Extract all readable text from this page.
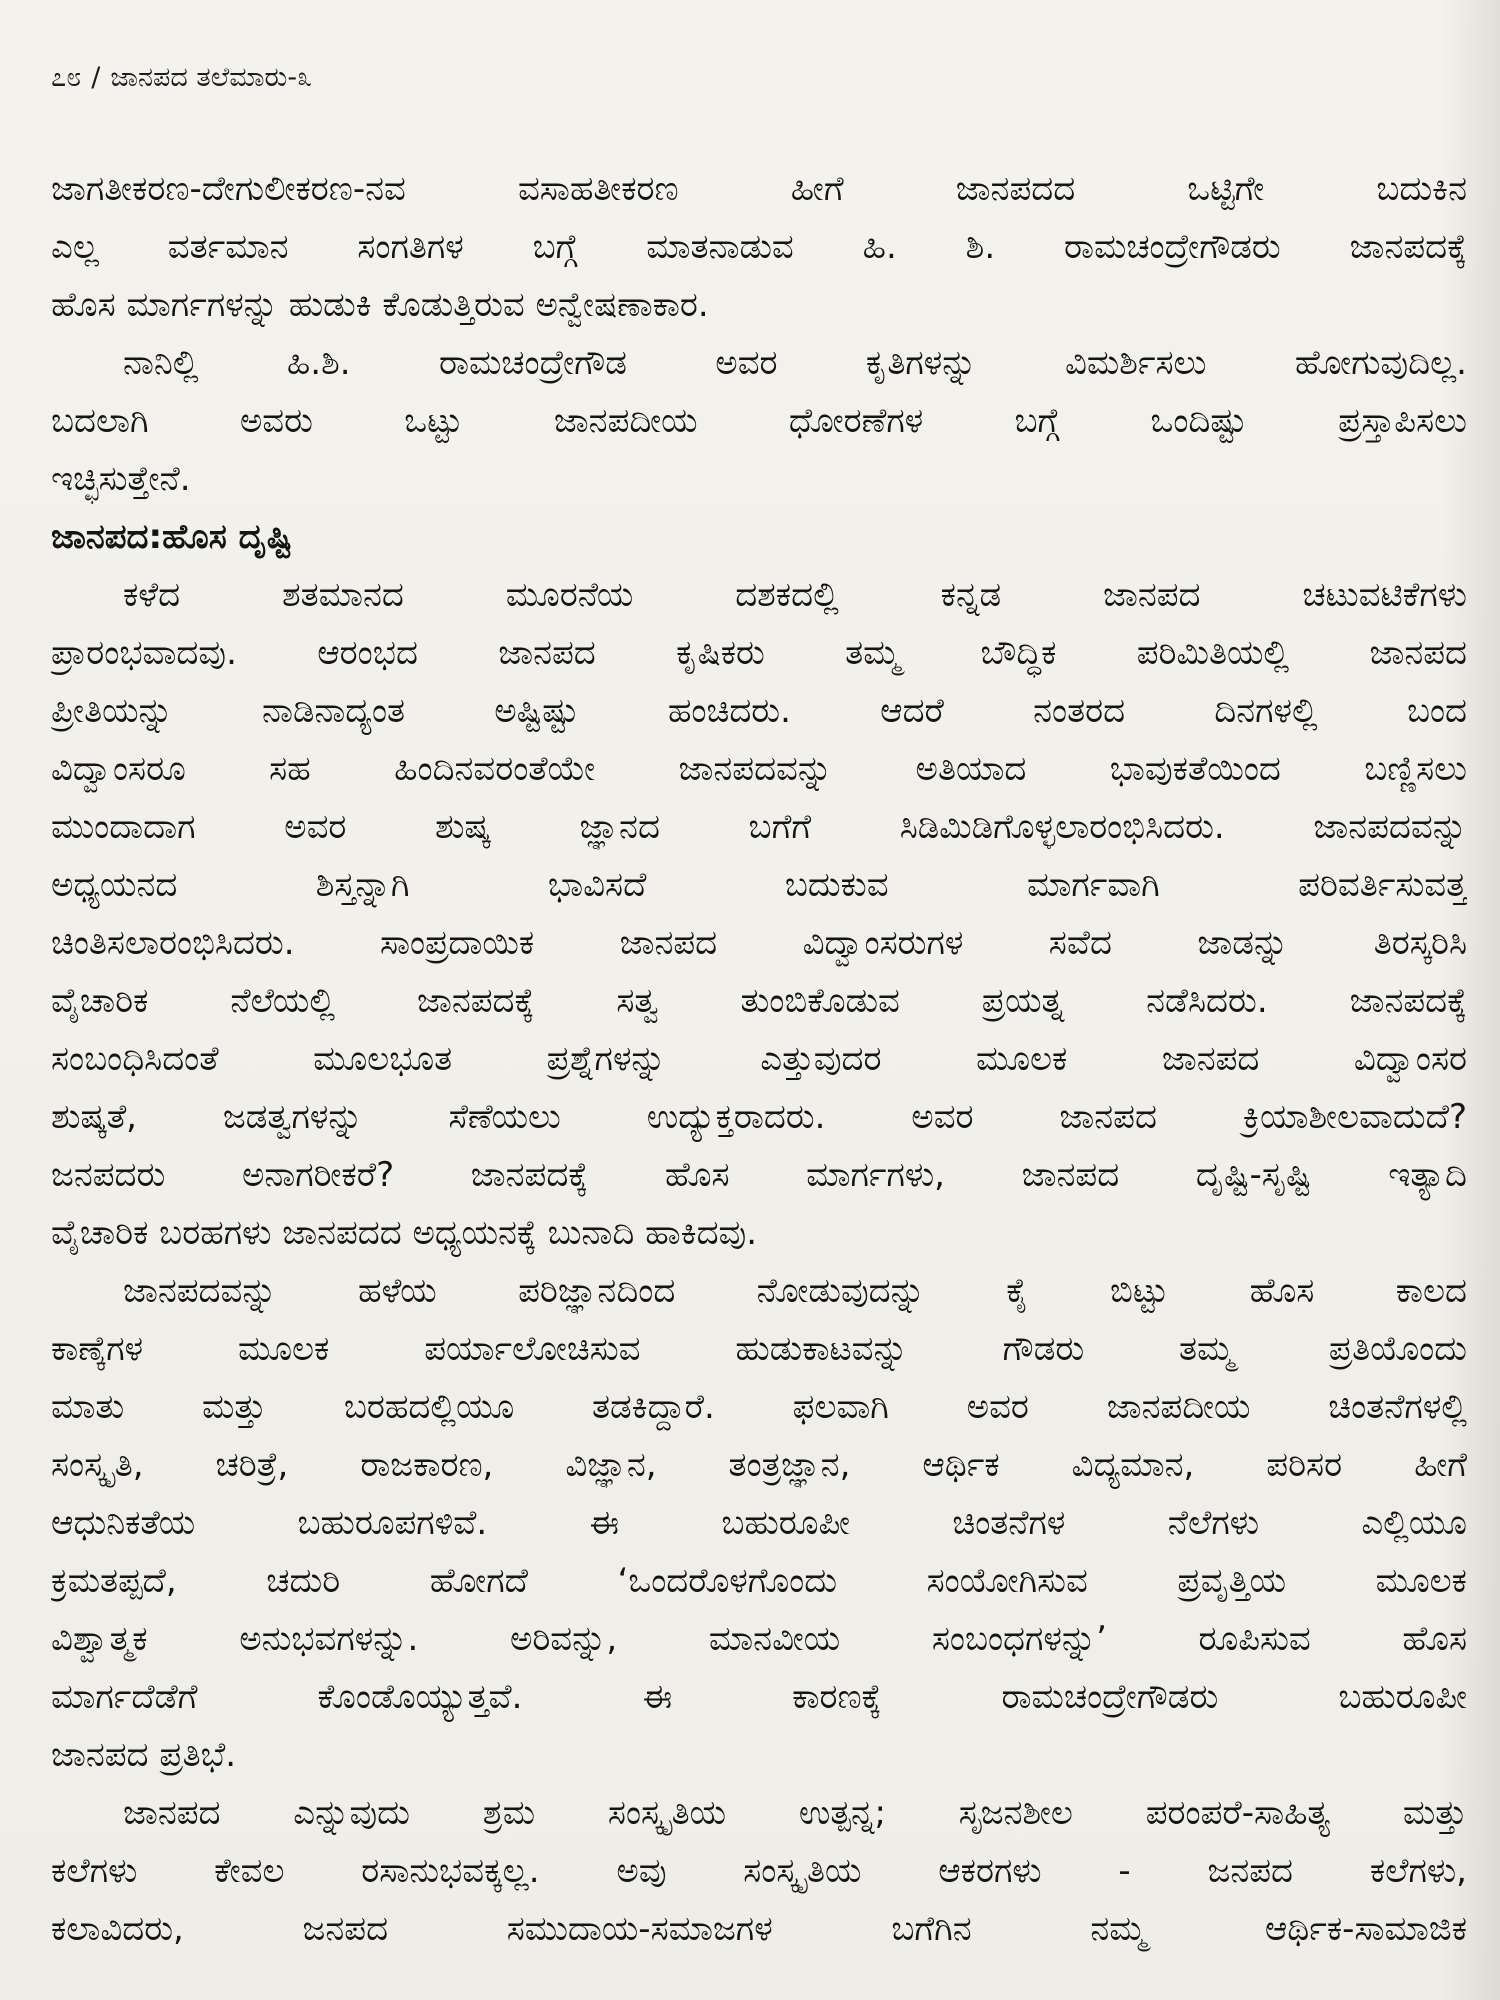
೭೮ / ಜಾನಪದ ತಲೆಮಾರು-೩
ಜಾಗತೀಕರಣ-ದೇಗುಲೀಕರಣ-ನವ ವಸಾಹತೀಕರಣ ಹೀಗೆ ಜಾನಪದದ ಒಟ್ಟಿಗೇ ಬದುಕಿನ
ಎಲ್ಲ ವರ್ತಮಾನ ಸಂಗತಿಗಳ ಬಗ್ಗೆ ಮಾತನಾಡುವ ಹಿ. ಶಿ. ರಾಮಚಂದ್ರೇಗೌಡರು ಜಾನಪದಕ್ಕೆ
ಹೊಸ ಮಾರ್ಗಗಳನ್ನು ಹುಡುಕಿ ಕೊಡುತ್ತಿರುವ ಅನ್ವೇಷಣಾಕಾರ.
ನಾನಿಲ್ಲಿ ಹಿ.ಶಿ. ರಾಮಚಂದ್ರೇಗೌಡ ಅವರ ಕೃತಿಗಳನ್ನು ವಿಮರ್ಶಿಸಲು ಹೋಗುವುದಿಲ್ಲ.
ಬದಲಾಗಿ ಅವರು ಒಟ್ಟು ಜಾನಪದೀಯ ಧೋರಣೆಗಳ ಬಗ್ಗೆ ಒಂದಿಷ್ಟು ಪ್ರಸ್ತಾಪಿಸಲು
ಇಚ್ಛಿಸುತ್ತೇನೆ.
ಜಾನಪದ:ಹೊಸ ದೃಷ್ಟಿ
ಕಳೆದ ಶತಮಾನದ ಮೂರನೆಯ ದಶಕದಲ್ಲಿ ಕನ್ನಡ ಜಾನಪದ ಚಟುವಟಿಕೆಗಳು
ಪ್ರಾರಂಭವಾದವು. ಆರಂಭದ ಜಾನಪದ ಕೃಷಿಕರು ತಮ್ಮ ಬೌದ್ಧಿಕ ಪರಿಮಿತಿಯಲ್ಲಿ ಜಾನಪದ
ಪ್ರೀತಿಯನ್ನು ನಾಡಿನಾದ್ಯಂತ ಅಷ್ಟಿಷ್ಟು ಹಂಚಿದರು. ಆದರೆ ನಂತರದ ದಿನಗಳಲ್ಲಿ ಬಂದ
ವಿದ್ವಾಂಸರೂ ಸಹ ಹಿಂದಿನವರಂತೆಯೇ ಜಾನಪದವನ್ನು ಅತಿಯಾದ ಭಾವುಕತೆಯಿಂದ ಬಣ್ಣಿಸಲು
ಮುಂದಾದಾಗ ಅವರ ಶುಷ್ಕ ಜ್ಞಾನದ ಬಗೆಗೆ ಸಿಡಿಮಿಡಿಗೊಳ್ಳಲಾರಂಭಿಸಿದರು. ಜಾನಪದವನ್ನು
ಅಧ್ಯಯನದ ಶಿಸ್ತನ್ನಾಗಿ ಭಾವಿಸದೆ ಬದುಕುವ ಮಾರ್ಗವಾಗಿ ಪರಿವರ್ತಿಸುವತ್ತ
ಚಿಂತಿಸಲಾರಂಭಿಸಿದರು. ಸಾಂಪ್ರದಾಯಿಕ ಜಾನಪದ ವಿದ್ವಾಂಸರುಗಳ ಸವೆದ ಜಾಡನ್ನು ತಿರಸ್ಕರಿಸಿ
ವೈಚಾರಿಕ ನೆಲೆಯಲ್ಲಿ ಜಾನಪದಕ್ಕೆ ಸತ್ವ ತುಂಬಿಕೊಡುವ ಪ್ರಯತ್ನ ನಡೆಸಿದರು. ಜಾನಪದಕ್ಕೆ
ಸಂಬಂಧಿಸಿದಂತೆ ಮೂಲಭೂತ ಪ್ರಶ್ನೆಗಳನ್ನು ಎತ್ತುವುದರ ಮೂಲಕ ಜಾನಪದ ವಿದ್ವಾಂಸರ
ಶುಷ್ಕತೆ, ಜಡತ್ವಗಳನ್ನು ಸೆಣೆಯಲು ಉದ್ಯುಕ್ತರಾದರು. ಅವರ ಜಾನಪದ ಕ್ರಿಯಾಶೀಲವಾದುದೆ?
ಜನಪದರು ಅನಾಗರೀಕರೆ? ಜಾನಪದಕ್ಕೆ ಹೊಸ ಮಾರ್ಗಗಳು, ಜಾನಪದ ದೃಷ್ಟಿ-ಸೃಷ್ಟಿ ಇತ್ಯಾದಿ
ವೈಚಾರಿಕ ಬರಹಗಳು ಜಾನಪದದ ಅಧ್ಯಯನಕ್ಕೆ ಬುನಾದಿ ಹಾಕಿದವು.
ಜಾನಪದವನ್ನು ಹಳೆಯ ಪರಿಜ್ಞಾನದಿಂದ ನೋಡುವುದನ್ನು ಕೈ ಬಿಟ್ಟು ಹೊಸ ಕಾಲದ
ಕಾಣ್ಕೆಗಳ ಮೂಲಕ ಪರ್ಯಾಲೋಚಿಸುವ ಹುಡುಕಾಟವನ್ನು ಗೌಡರು ತಮ್ಮ ಪ್ರತಿಯೊಂದು
ಮಾತು ಮತ್ತು ಬರಹದಲ್ಲಿಯೂ ತಡಕಿದ್ದಾರೆ. ಫಲವಾಗಿ ಅವರ ಜಾನಪದೀಯ ಚಿಂತನೆಗಳಲ್ಲಿ
ಸಂಸ್ಕೃತಿ, ಚರಿತ್ರೆ, ರಾಜಕಾರಣ, ವಿಜ್ಞಾನ, ತಂತ್ರಜ್ಞಾನ, ಆರ್ಥಿಕ ವಿದ್ಯಮಾನ, ಪರಿಸರ ಹೀಗೆ
ಆಧುನಿಕತೆಯ ಬಹುರೂಪಗಳಿವೆ. ಈ ಬಹುರೂಪೀ ಚಿಂತನೆಗಳ ನೆಲೆಗಳು ಎಲ್ಲಿಯೂ
ಕ್ರಮತಪ್ಪದೆ, ಚದುರಿ ಹೋಗದೆ ‘ಒಂದರೊಳಗೊಂದು ಸಂಯೋಗಿಸುವ ಪ್ರವೃತ್ತಿಯ ಮೂಲಕ
ವಿಶ್ವಾತ್ಮಕ ಅನುಭವಗಳನ್ನು. ಅರಿವನ್ನು, ಮಾನವೀಯ ಸಂಬಂಧಗಳನ್ನು’ ರೂಪಿಸುವ ಹೊಸ
ಮಾರ್ಗದೆಡೆಗೆ ಕೊಂಡೊಯ್ಯುತ್ತವೆ. ಈ ಕಾರಣಕ್ಕೆ ರಾಮಚಂದ್ರೇಗೌಡರು ಬಹುರೂಪೀ
ಜಾನಪದ ಪ್ರತಿಭೆ.
ಜಾನಪದ ಎನ್ನುವುದು ಶ್ರಮ ಸಂಸ್ಕೃತಿಯ ಉತ್ಪನ್ನ; ಸೃಜನಶೀಲ ಪರಂಪರೆ-ಸಾಹಿತ್ಯ ಮತ್ತು
ಕಲೆಗಳು ಕೇವಲ ರಸಾನುಭವಕ್ಕಲ್ಲ. ಅವು ಸಂಸ್ಕೃತಿಯ ಆಕರಗಳು - ಜನಪದ ಕಲೆಗಳು,
ಕಲಾವಿದರು, ಜನಪದ ಸಮುದಾಯ-ಸಮಾಜಗಳ ಬಗೆಗಿನ ನಮ್ಮ ಆರ್ಥಿಕ-ಸಾಮಾಜಿಕ
